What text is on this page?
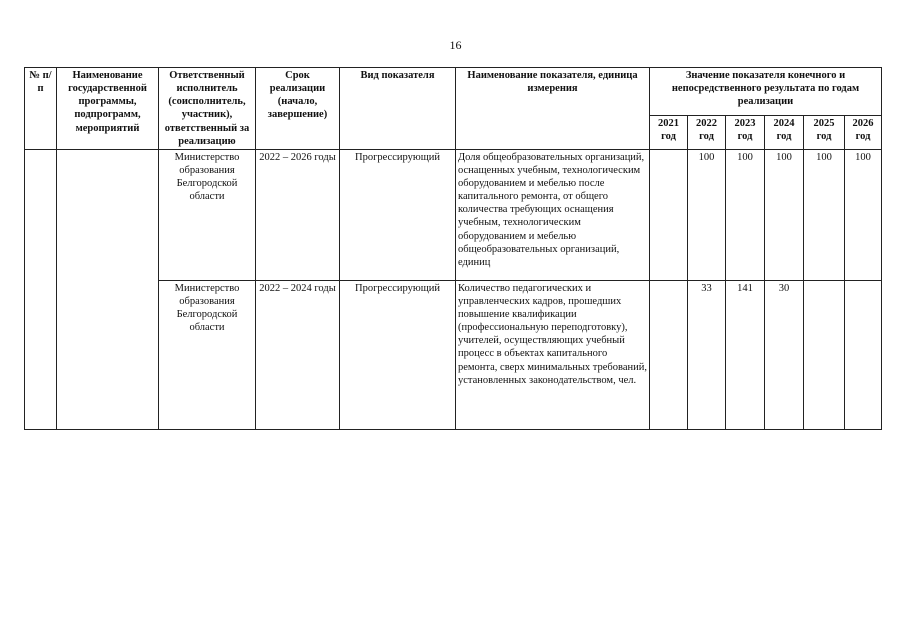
16
№ п/п	Наименование государственной программы, подпрограмм, мероприятий	Ответственный исполнитель (соисполнитель, участник), ответственный за реализацию	Срок реализации (начало, завершение)	Вид показателя	Наименование показателя, единица измерения	Значение показателя конечного и непосредственного результата по годам реализации					
						2021 год	2022 год	2023 год	2024 год	2025 год	2026 год
		Министерство образования Белгородской области	2022 – 2026 годы	Прогрессирующий	Доля общеобразовательных организаций, оснащенных учебным, технологическим оборудованием и мебелью после капитального ремонта, от общего количества требующих оснащения учебным, технологическим оборудованием и мебелью общеобразовательных организаций, единиц		100	100	100	100	100
		Министерство образования Белгородской области	2022 – 2024 годы	Прогрессирующий	Количество педагогических и управленческих кадров, прошедших повышение квалификации (профессиональную переподготовку), учителей, осуществляющих учебный процесс в объектах капитального ремонта, сверх минимальных требований, установленных законодательством, чел.		33	141	30		
